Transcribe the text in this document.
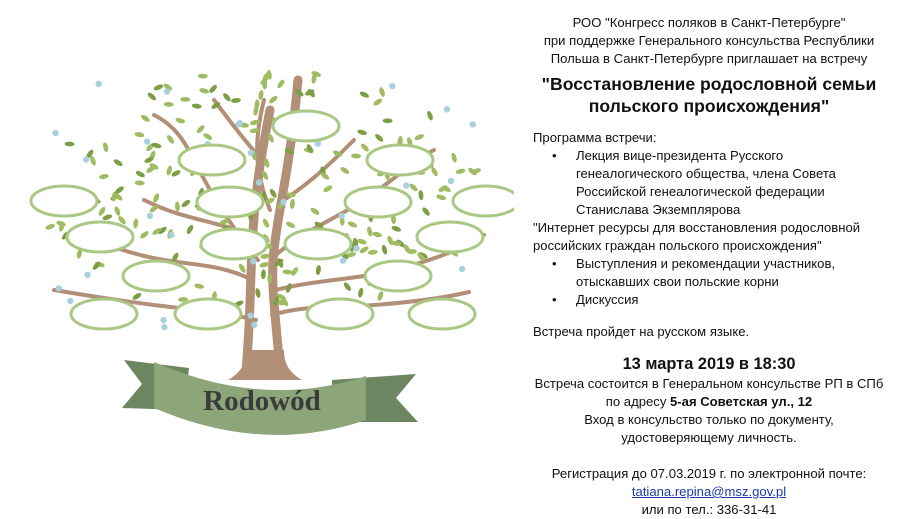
Rodowód

РОО "Конгресс поляков в Санкт-Петербурге"

при поддержке Генерального консульства Республики

Польша в Санкт-Петербурге приглашает на встречу

"Восстановление родословной семьи

польского происхождения"

Программа встречи:
• Лекция вице-президента Русского
генеалогического общества, члена Совета
Российской генеалогической федерации
Станислава Экземплярова

"Интернет ресурсы для восстановления родословной

российских граждан польского происхождения"

• Выступления и рекомендации участников,
отыскавших свои польские корни
• Дискуссия
Встреча пройдет на русском языке.
13 марта 2019 в 18:30
Встреча состоится в Генеральном консульстве РП в СПб
по адресу 5-ая Советская ул., 12
Вход в консульство только по документу,
удостоверяющему личность.
Регистрация до 07.03.2019 г. по электронной почте:
tatiana.repina@msz.gov.pl
или по тел.: 336-31-41
